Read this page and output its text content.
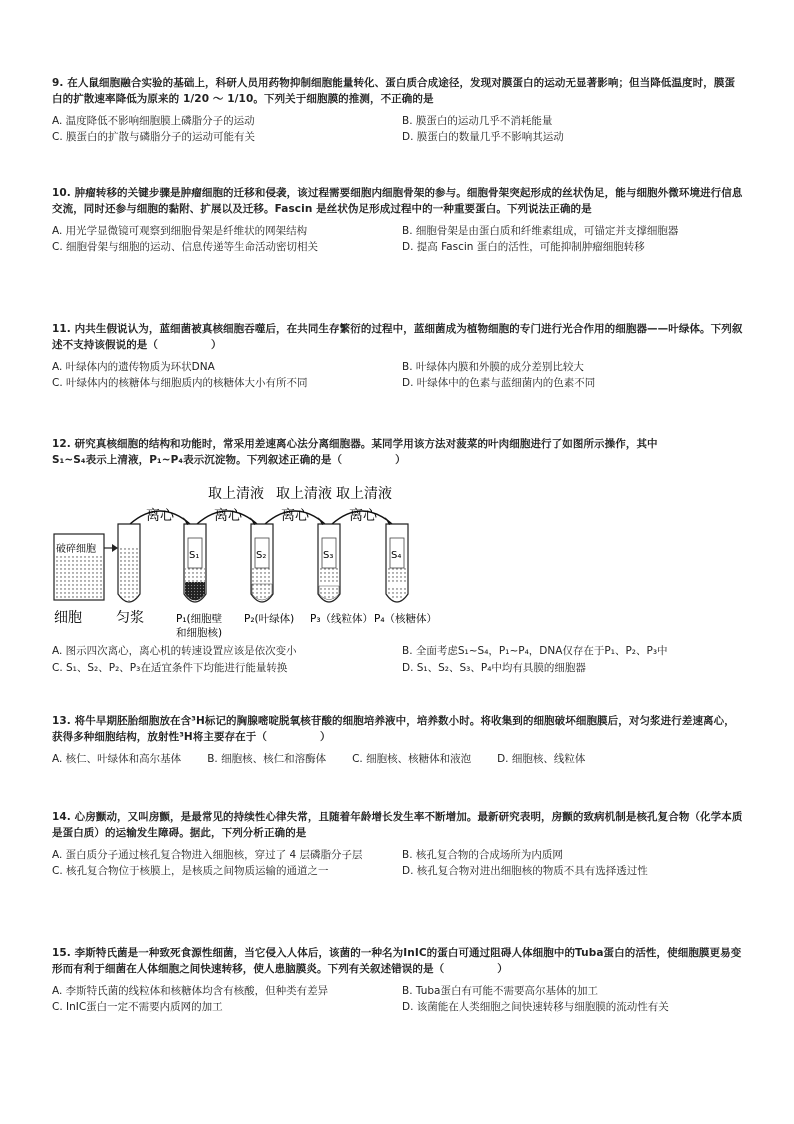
9. 在人鼠细胞融合实验的基础上，科研人员用药物抑制细胞能量转化、蛋白质合成途径，发现对膜蛋白的运动无显著影响；但当降低温度时，膜蛋白的扩散速率降低为原来的 1/20 ～ 1/10。下列关于细胞膜的推测，不正确的是

A. 温度降低不影响细胞膜上磷脂分子的运动	B. 膜蛋白的运动几乎不消耗能量
C. 膜蛋白的扩散与磷脂分子的运动可能有关	D. 膜蛋白的数量几乎不影响其运动

10. 肿瘤转移的关键步骤是肿瘤细胞的迁移和侵袭，该过程需要细胞内细胞骨架的参与。细胞骨架突起形成的丝状伪足，能与细胞外微环境进行信息交流，同时还参与细胞的黏附、扩展以及迁移。Fascin 是丝状伪足形成过程中的一种重要蛋白。下列说法正确的是

A. 用光学显微镜可观察到细胞骨架是纤维状的网架结构	B. 细胞骨架是由蛋白质和纤维素组成，可锚定并支撑细胞器
C. 细胞骨架与细胞的运动、信息传递等生命活动密切相关	D. 提高 Fascin 蛋白的活性，可能抑制肿瘤细胞转移

11. 内共生假说认为，蓝细菌被真核细胞吞噬后，在共同生存繁衍的过程中，蓝细菌成为植物细胞的专门进行光合作用的细胞器——叶绿体。下列叙述不支持该假说的是（　　　　　）

A. 叶绿体内的遗传物质为环状DNA	B. 叶绿体内膜和外膜的成分差别比较大
C. 叶绿体内的核糖体与细胞质内的核糖体大小有所不同	D. 叶绿体中的色素与蓝细菌内的色素不同

12. 研究真核细胞的结构和功能时，常采用差速离心法分离细胞器。某同学用该方法对菠菜的叶肉细胞进行了如图所示操作，其中

S₁~S₄表示上清液，P₁~P₄表示沉淀物。下列叙述正确的是（　　　　　）

取上清液 取上清液 取上清液
离心	离心	离心	离心
破碎细胞
S₁	S₂	S₃	S₄
细胞 匀浆	P₁(细胞壁
和细胞核)
P₂(叶绿体) P₃（线粒体） P₄（核糖体）
A. 图示四次离心，离心机的转速设置应该是依次变小	B. 全面考虑S₁~S₄，P₁~P₄，DNA仅存在于P₁、P₂、P₃中
C. S₁、S₂、P₂、P₃在适宜条件下均能进行能量转换	D. S₁、S₂、S₃、P₄中均有具膜的细胞器

13. 将牛早期胚胎细胞放在含³H标记的胸腺嘧啶脱氧核苷酸的细胞培养液中，培养数小时。将收集到的细胞破坏细胞膜后，对匀浆进行差速离心，获得多种细胞结构，放射性³H将主要存在于（　　　　　）

A. 核仁、叶绿体和高尔基体 B. 细胞核、核仁和溶酶体 C. 细胞核、核糖体和液泡 D. 细胞核、线粒体

14. 心房颤动，又叫房颤，是最常见的持续性心律失常，且随着年龄增长发生率不断增加。最新研究表明，房颤的致病机制是核孔复合物（化学本质是蛋白质）的运输发生障碍。据此，下列分析正确的是

A. 蛋白质分子通过核孔复合物进入细胞核，穿过了 4 层磷脂分子层	B. 核孔复合物的合成场所为内质网
C. 核孔复合物位于核膜上，是核质之间物质运输的通道之一	D. 核孔复合物对进出细胞核的物质不具有选择透过性

15. 李斯特氏菌是一种致死食源性细菌，当它侵入人体后，该菌的一种名为InIC的蛋白可通过阻碍人体细胞中的Tuba蛋白的活性，使细胞膜更易变形而有利于细菌在人体细胞之间快速转移，使人患脑膜炎。下列有关叙述错误的是（　　　　　）

A. 李斯特氏菌的线粒体和核糖体均含有核酸，但种类有差异	B. Tuba蛋白有可能不需要高尔基体的加工
C. InIC蛋白一定不需要内质网的加工	D. 该菌能在人类细胞之间快速转移与细胞膜的流动性有关
